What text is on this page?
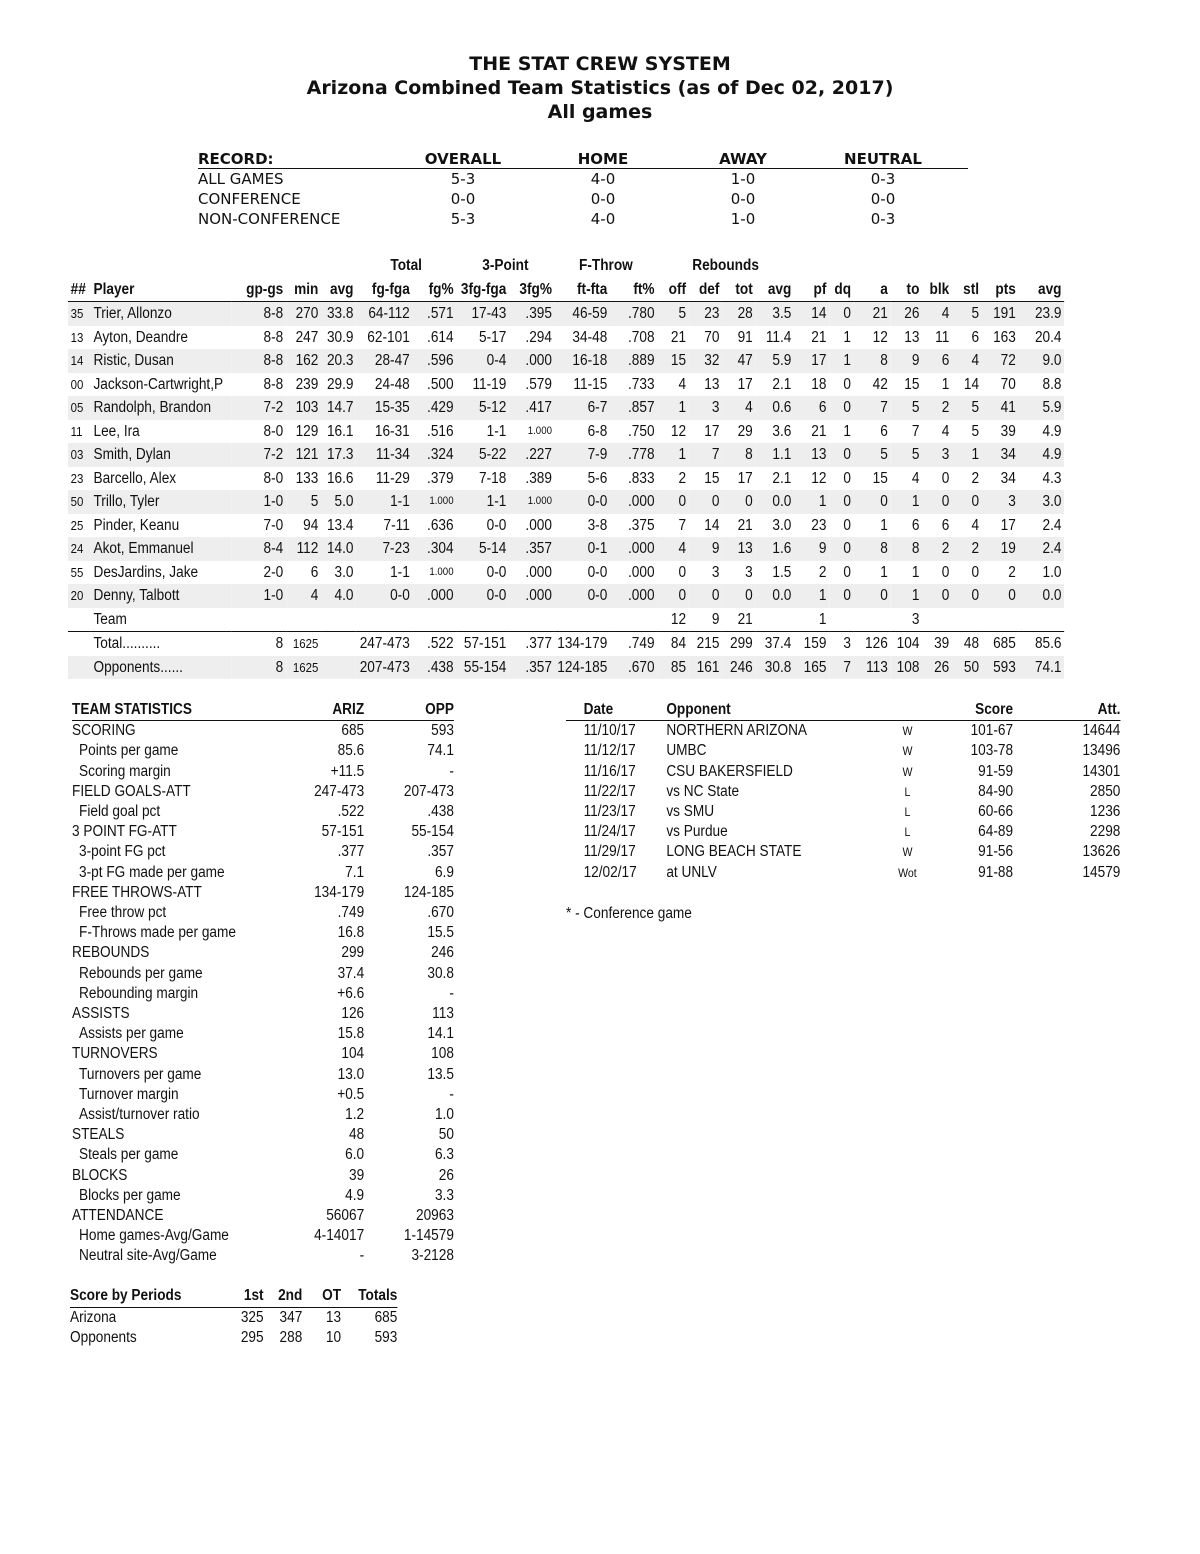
THE STAT CREW SYSTEM
Arizona Combined Team Statistics (as of Dec 02, 2017)
All games
RECORD:	OVERALL	HOME	AWAY	NEUTRAL
ALL GAMES	5-3	4-0	1-0	0-3
CONFERENCE	0-0	0-0	0-0	0-0
NON-CONFERENCE	5-3	4-0	1-0	0-3
					Total		3-Point		F-Throw		Rebounds											
##	Player	gp-gs	min	avg	fg-fga	fg%	3fg-fga	3fg%	ft-fta	ft%	off	def	tot	avg	pf	dq	a	to	blk	stl	pts	avg
35	Trier, Allonzo	8-8	270	33.8	64-112	.571	17-43	.395	46-59	.780	5	23	28	3.5	14	0	21	26	4	5	191	23.9
13	Ayton, Deandre	8-8	247	30.9	62-101	.614	5-17	.294	34-48	.708	21	70	91	11.4	21	1	12	13	11	6	163	20.4
14	Ristic, Dusan	8-8	162	20.3	28-47	.596	0-4	.000	16-18	.889	15	32	47	5.9	17	1	8	9	6	4	72	9.0
00	Jackson-Cartwright,P	8-8	239	29.9	24-48	.500	11-19	.579	11-15	.733	4	13	17	2.1	18	0	42	15	1	14	70	8.8
05	Randolph, Brandon	7-2	103	14.7	15-35	.429	5-12	.417	6-7	.857	1	3	4	0.6	6	0	7	5	2	5	41	5.9
11	Lee, Ira	8-0	129	16.1	16-31	.516	1-1	1.000	6-8	.750	12	17	29	3.6	21	1	6	7	4	5	39	4.9
03	Smith, Dylan	7-2	121	17.3	11-34	.324	5-22	.227	7-9	.778	1	7	8	1.1	13	0	5	5	3	1	34	4.9
23	Barcello, Alex	8-0	133	16.6	11-29	.379	7-18	.389	5-6	.833	2	15	17	2.1	12	0	15	4	0	2	34	4.3
50	Trillo, Tyler	1-0	5	5.0	1-1	1.000	1-1	1.000	0-0	.000	0	0	0	0.0	1	0	0	1	0	0	3	3.0
25	Pinder, Keanu	7-0	94	13.4	7-11	.636	0-0	.000	3-8	.375	7	14	21	3.0	23	0	1	6	6	4	17	2.4
24	Akot, Emmanuel	8-4	112	14.0	7-23	.304	5-14	.357	0-1	.000	4	9	13	1.6	9	0	8	8	2	2	19	2.4
55	DesJardins, Jake	2-0	6	3.0	1-1	1.000	0-0	.000	0-0	.000	0	3	3	1.5	2	0	1	1	0	0	2	1.0
20	Denny, Talbott	1-0	4	4.0	0-0	.000	0-0	.000	0-0	.000	0	0	0	0.0	1	0	0	1	0	0	0	0.0
	Team										12	9	21		1			3				
	Total..........	8	1625		247-473	.522	57-151	.377	134-179	.749	84	215	299	37.4	159	3	126	104	39	48	685	85.6
	Opponents......	8	1625		207-473	.438	55-154	.357	124-185	.670	85	161	246	30.8	165	7	113	108	26	50	593	74.1
TEAM STATISTICS	ARIZ	OPP
SCORING	685	593
Points per game	85.6	74.1
Scoring margin	+11.5	-
FIELD GOALS-ATT	247-473	207-473
Field goal pct	.522	.438
3 POINT FG-ATT	57-151	55-154
3-point FG pct	.377	.357
3-pt FG made per game	7.1	6.9
FREE THROWS-ATT	134-179	124-185
Free throw pct	.749	.670
F-Throws made per game	16.8	15.5
REBOUNDS	299	246
Rebounds per game	37.4	30.8
Rebounding margin	+6.6	-
ASSISTS	126	113
Assists per game	15.8	14.1
TURNOVERS	104	108
Turnovers per game	13.0	13.5
Turnover margin	+0.5	-
Assist/turnover ratio	1.2	1.0
STEALS	48	50
Steals per game	6.0	6.3
BLOCKS	39	26
Blocks per game	4.9	3.3
ATTENDANCE	56067	20963
Home games-Avg/Game	4-14017	1-14579
Neutral site-Avg/Game	-	3-2128
Score by Periods	1st	2nd	OT	Totals
Arizona	325	347	13	685
Opponents	295	288	10	593
Date	Opponent		Score	Att.
11/10/17	NORTHERN ARIZONA	W	101-67	14644
11/12/17	UMBC	W	103-78	13496
11/16/17	CSU BAKERSFIELD	W	91-59	14301
11/22/17	vs NC State	L	84-90	2850
11/23/17	vs SMU	L	60-66	1236
11/24/17	vs Purdue	L	64-89	2298
11/29/17	LONG BEACH STATE	W	91-56	13626
12/02/17	at UNLV	Wot	91-88	14579
* - Conference game
